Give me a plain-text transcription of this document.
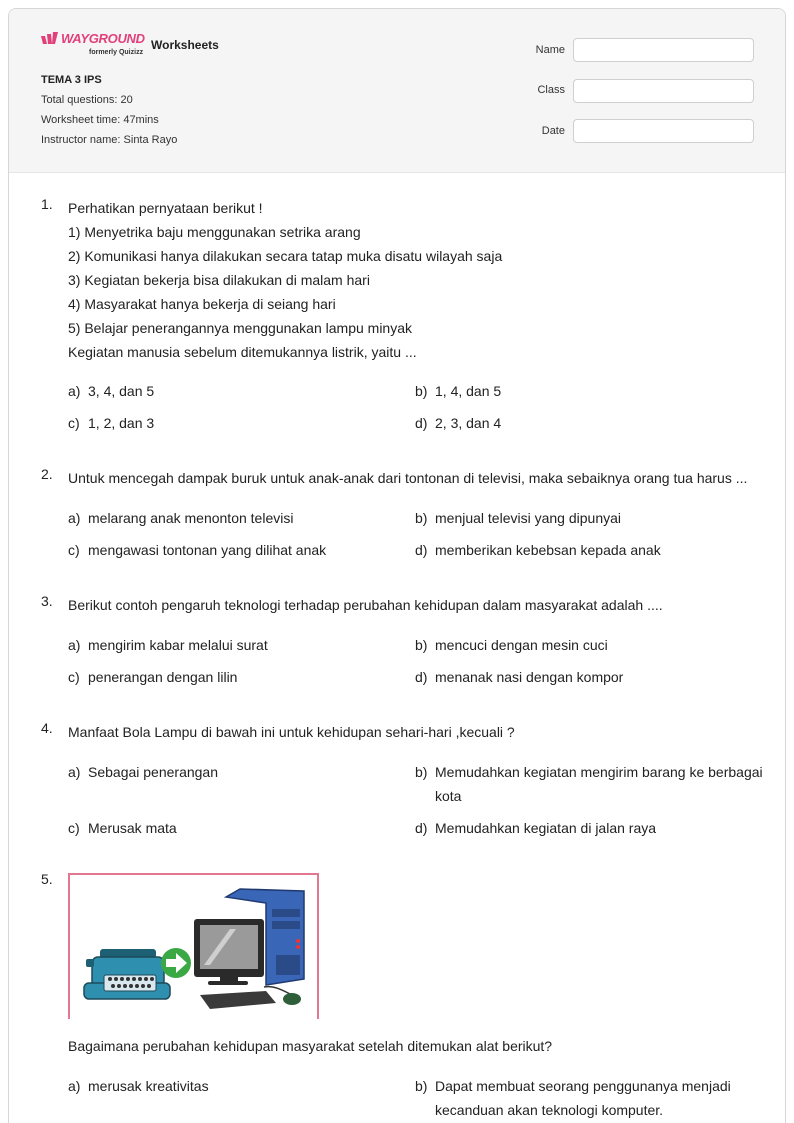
WAYGROUND
formerly Quizizz
Worksheets
TEMA 3 IPS
Total questions: 20
Worksheet time: 47mins
Instructor name: Sinta Rayo
Name
Class
Date
1. Perhatikan pernyataan berikut !
1) Menyetrika baju menggunakan setrika arang
2) Komunikasi hanya dilakukan secara tatap muka disatu wilayah saja
3) Kegiatan bekerja bisa dilakukan di malam hari
4) Masyarakat hanya bekerja di seiang hari
5) Belajar penerangannya menggunakan lampu minyak
Kegiatan manusia sebelum ditemukannya listrik, yaitu ...
a) 3, 4, dan 5	b) 1, 4, dan 5
c) 1, 2, dan 3	d) 2, 3, dan 4
2. Untuk mencegah dampak buruk untuk anak-anak dari tontonan di televisi, maka sebaiknya orang tua harus ...
a) melarang anak menonton televisi	b) menjual televisi yang dipunyai
c) mengawasi tontonan yang dilihat anak	d) memberikan kebebsan kepada anak
3. Berikut contoh pengaruh teknologi terhadap perubahan kehidupan dalam masyarakat adalah ....
a) mengirim kabar melalui surat	b) mencuci dengan mesin cuci
c) penerangan dengan lilin	d) menanak nasi dengan kompor
4. Manfaat Bola Lampu di bawah ini untuk kehidupan sehari-hari ,kecuali ?
a) Sebagai penerangan	b) Memudahkan kegiatan mengirim barang ke berbagai kota
c) Merusak mata	d) Memudahkan kegiatan di jalan raya
5.
Bagaimana perubahan kehidupan masyarakat setelah ditemukan alat berikut?
a) merusak kreativitas	b) Dapat membuat seorang penggunanya menjadi kecanduan akan teknologi komputer.
